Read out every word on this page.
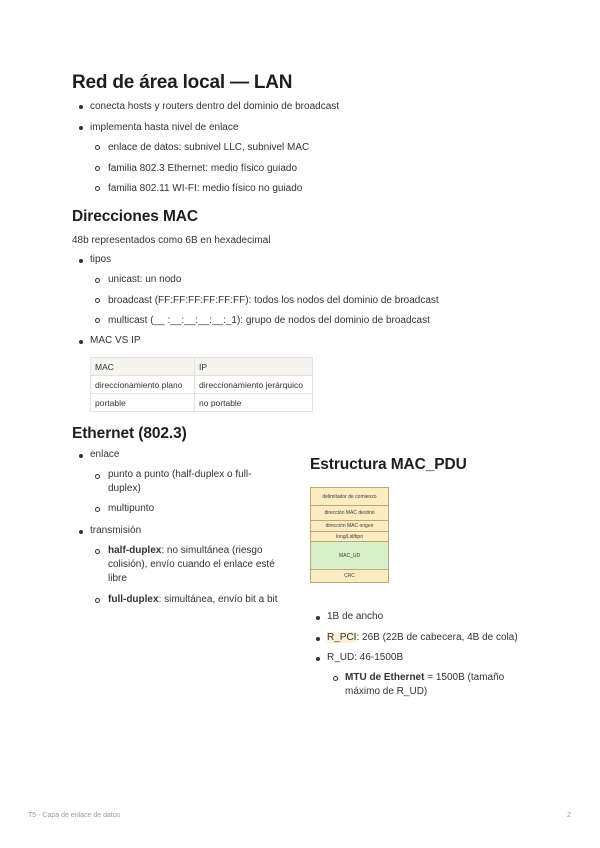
Red de área local — LAN
conecta hosts y routers dentro del dominio de broadcast
implementa hasta nivel de enlace
enlace de datos: subnivel LLC, subnivel MAC
familia 802.3 Ethernet: medio físico guiado
familia 802.11 WI-FI: medio físico no guiado
Direcciones MAC
48b representados como 6B en hexadecimal
tipos
unicast: un nodo
broadcast (FF:FF:FF:FF:FF:FF): todos los nodos del dominio de broadcast
multicast (__ :__:__:__:__:_1): grupo de nodos del dominio de broadcast
MAC VS IP
MAC	IP
direccionamiento plano	direccionamiento jerárquico
portable	no portable
Ethernet (802.3)
enlace
punto a punto (half-duplex o full-duplex)
multipunto
transmisión
half-duplex: no simultánea (riesgo colisión), envío cuando el enlace esté libre
full-duplex: simultánea, envío bit a bit
Estructura MAC_PDU
delimitador de comienzo
dirección MAC destino
dirección MAC origen
long/Lid/tipo
MAC_UD
CRC
1B de ancho
R_PCI: 26B (22B de cabecera, 4B de cola)
R_UD: 46-1500B
MTU de Ethernet = 1500B (tamaño máximo de R_UD)
T5 - Capa de enlace de datos	2
